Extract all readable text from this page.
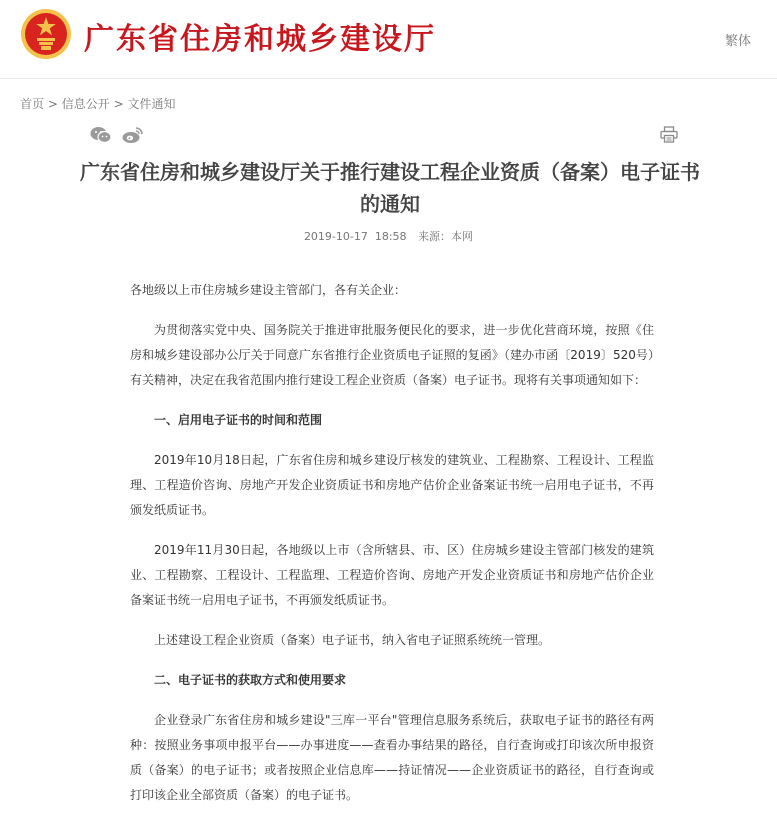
广东省住房和城乡建设厅	繁体
首页 > 信息公开 > 文件通知
广东省住房和城乡建设厅关于推行建设工程企业资质（备案）电子证书的通知
2019-10-17  18:58 来源：本网

各地级以上市住房城乡建设主管部门，各有关企业：

为贯彻落实党中央、国务院关于推进审批服务便民化的要求，进一步优化营商环境，按照《住房和城乡建设部办公厅关于同意广东省推行企业资质电子证照的复函》（建办市函〔2019〕520号）有关精神，决定在我省范围内推行建设工程企业资质（备案）电子证书。现将有关事项通知如下：

一、启用电子证书的时间和范围

2019年10月18日起，广东省住房和城乡建设厅核发的建筑业、工程勘察、工程设计、工程监理、工程造价咨询、房地产开发企业资质证书和房地产估价企业备案证书统一启用电子证书，不再颁发纸质证书。

2019年11月30日起，各地级以上市（含所辖县、市、区）住房城乡建设主管部门核发的建筑业、工程勘察、工程设计、工程监理、工程造价咨询、房地产开发企业资质证书和房地产估价企业备案证书统一启用电子证书，不再颁发纸质证书。

上述建设工程企业资质（备案）电子证书，纳入省电子证照系统统一管理。

二、电子证书的获取方式和使用要求

企业登录广东省住房和城乡建设"三库一平台"管理信息服务系统后，获取电子证书的路径有两种：按照业务事项申报平台——办事进度——查看办事结果的路径，自行查询或打印该次所申报资质（备案）的电子证书；或者按照企业信息库——持证情况——企业资质证书的路径，自行查询或打印该企业全部资质（备案）的电子证书。
